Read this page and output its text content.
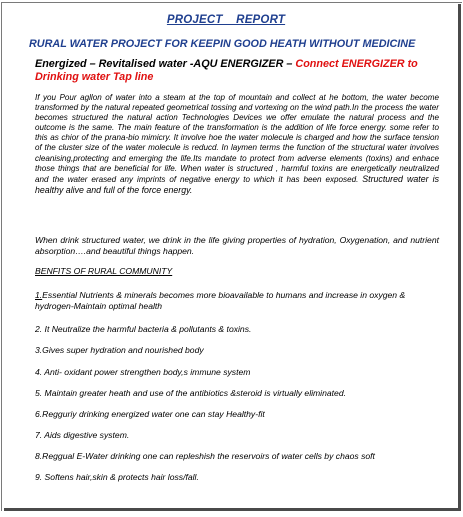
PROJECT    REPORT
RURAL WATER PROJECT FOR KEEPIN GOOD HEATH WITHOUT MEDICINE
Energized – Revitalised water -AQU ENERGIZER – Connect ENERGIZER to Drinking water Tap line

If you Pour agllon of water into a steam at the top of mountain and collect at he bottom, the water become transformed by the natural repeated geometrical tossing and vortexing on the wind path.In the process the water becomes structured the natural action Technologies Devices we offer emulate the natural process and the outcome is the same. The main feature of the transformation is the addition of life force energy. some refer to this as chior of the prana-bio mimicry. It involve hoe the water molecule is charged and how the surface tension of the cluster size of the water molecule is reducd. In laymen terms the function of the structural water involves cleanising,protecting and emerging the life.Its mandate to protect from adverse elements (toxins) and enhace those things that are beneficial for life. When water is structured , harmful toxins are energetically neutralized and the water erased any imprints of negative energy to which it has been exposed. Structured water is healthy alive and full of the force energy.

When drink structured water, we drink in the life giving properties of hydration, Oxygenation, and nutrient absorption….and beautiful things happen.

BENFITS OF RURAL COMMUNITY

1.Essential Nutrients & minerals becomes more bioavailable to humans and increase in oxygen & hydrogen-Maintain optimal health

2. It Neutralize the harmful bacteria & pollutants & toxins.

3.Gives super hydration and nourished body

4. Anti- oxidant power strengthen body,s immune system

5. Maintain greater heath and use of the antibiotics &steroid is virtually eliminated.

6.Regguriy drinking energized water one can stay Healthy-fit

7. Aids digestive system.

8.Reggual E-Water drinking one can repleshish the reservoirs of water cells by chaos soft

9. Softens hair,skin & protects hair loss/fall.
